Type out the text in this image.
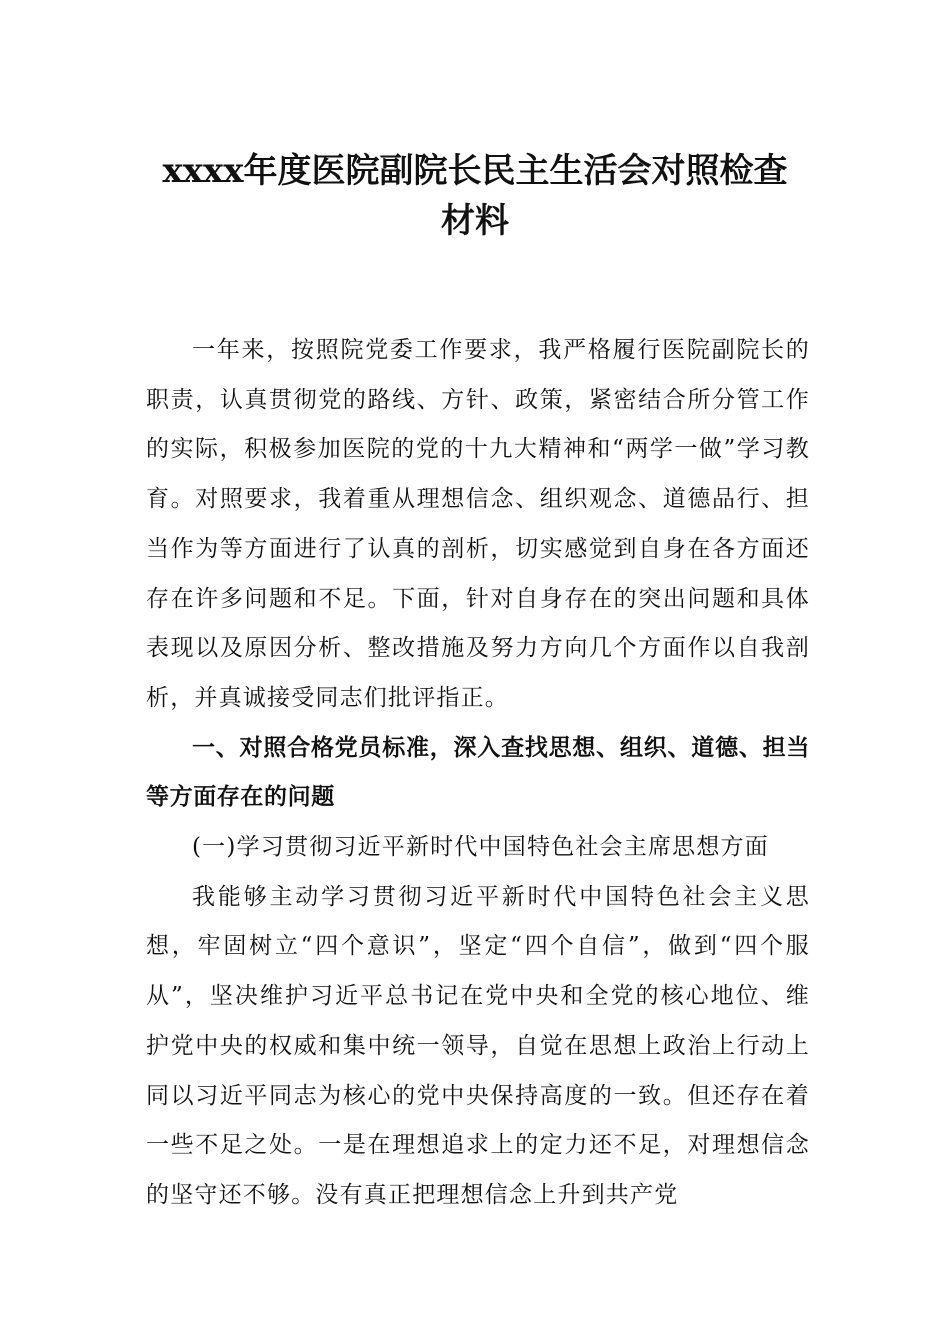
xxxx年度医院副院长民主生活会对照检查
材料

一年来，按照院党委工作要求，我严格履行医院副院长的职责，认真贯彻党的路线、方针、政策，紧密结合所分管工作的实际，积极参加医院的党的十九大精神和“两学一做”学习教育。对照要求，我着重从理想信念、组织观念、道德品行、担当作为等方面进行了认真的剖析，切实感觉到自身在各方面还存在许多问题和不足。下面，针对自身存在的突出问题和具体表现以及原因分析、整改措施及努力方向几个方面作以自我剖析，并真诚接受同志们批评指正。

一、对照合格党员标准，深入查找思想、组织、道德、担当等方面存在的问题

(一)学习贯彻习近平新时代中国特色社会主席思想方面

我能够主动学习贯彻习近平新时代中国特色社会主义思想，牢固树立“四个意识”，坚定“四个自信”，做到“四个服从”，坚决维护习近平总书记在党中央和全党的核心地位、维护党中央的权威和集中统一领导，自觉在思想上政治上行动上同以习近平同志为核心的党中央保持高度的一致。但还存在着一些不足之处。一是在理想追求上的定力还不足，对理想信念的坚守还不够。没有真正把理想信念上升到共产党
